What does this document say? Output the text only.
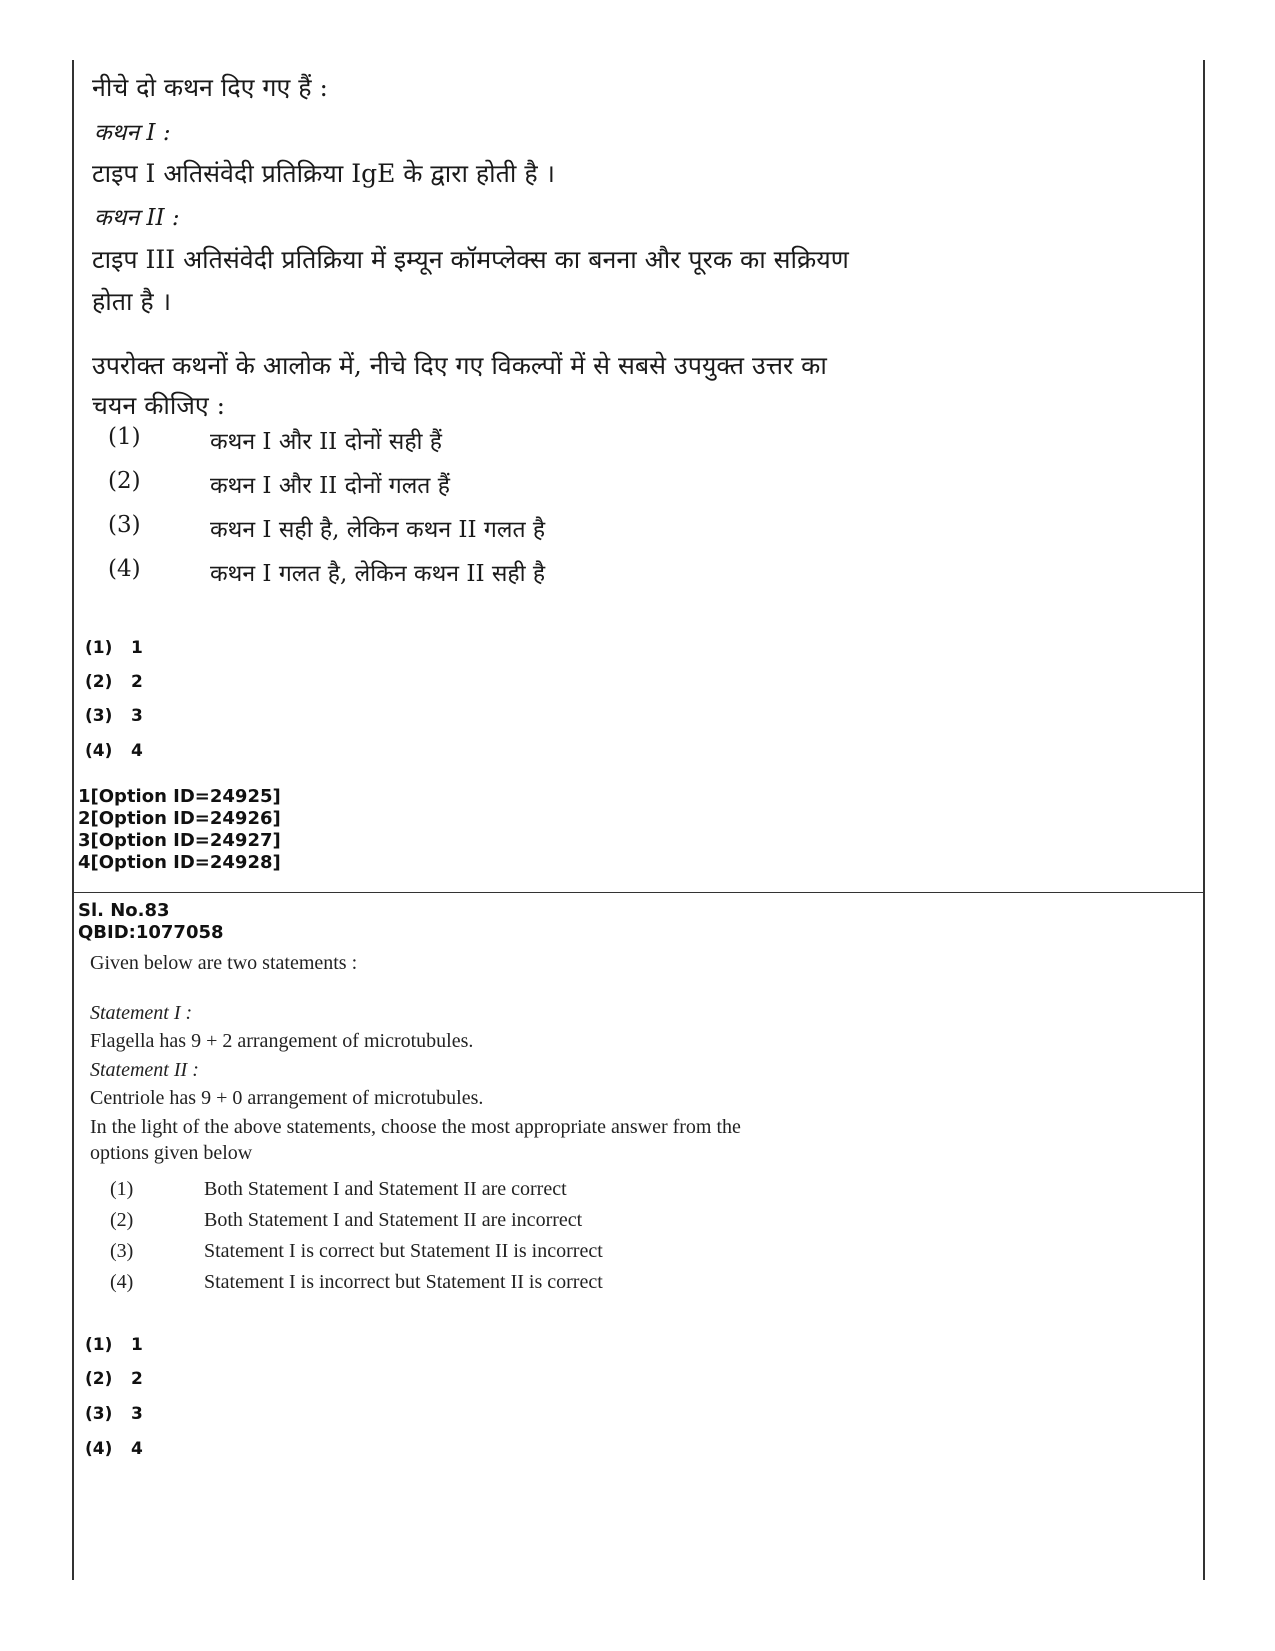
नीचे दो कथन दिए गए हैं :
कथन I :
टाइप I अतिसंवेदी प्रतिक्रिया IgE के द्वारा होती है ।
कथन II :
टाइप III अतिसंवेदी प्रतिक्रिया में इम्यून कॉमप्लेक्स का बनना और पूरक का सक्रियण
होता है ।
उपरोक्त कथनों के आलोक में, नीचे दिए गए विकल्पों में से सबसे उपयुक्त उत्तर का
चयन कीजिए :
(1)	कथन I और II दोनों सही हैं
(2)	कथन I और II दोनों गलत हैं
(3)	कथन I सही है, लेकिन कथन II गलत है
(4)	कथन I गलत है, लेकिन कथन II सही है
(1) 1
(2) 2
(3) 3
(4) 4
1[Option ID=24925]
2[Option ID=24926]
3[Option ID=24927]
4[Option ID=24928]
Sl. No.83
QBID:1077058
Given below are two statements :
Statement I :
Flagella has 9 + 2 arrangement of microtubules.
Statement II :
Centriole has 9 + 0 arrangement of microtubules.
In the light of the above statements, choose the most appropriate answer from the
options given below
(1)	Both Statement I and Statement II are correct
(2)	Both Statement I and Statement II are incorrect
(3)	Statement I is correct but Statement II is incorrect
(4)	Statement I is incorrect but Statement II is correct
(1) 1
(2) 2
(3) 3
(4) 4
